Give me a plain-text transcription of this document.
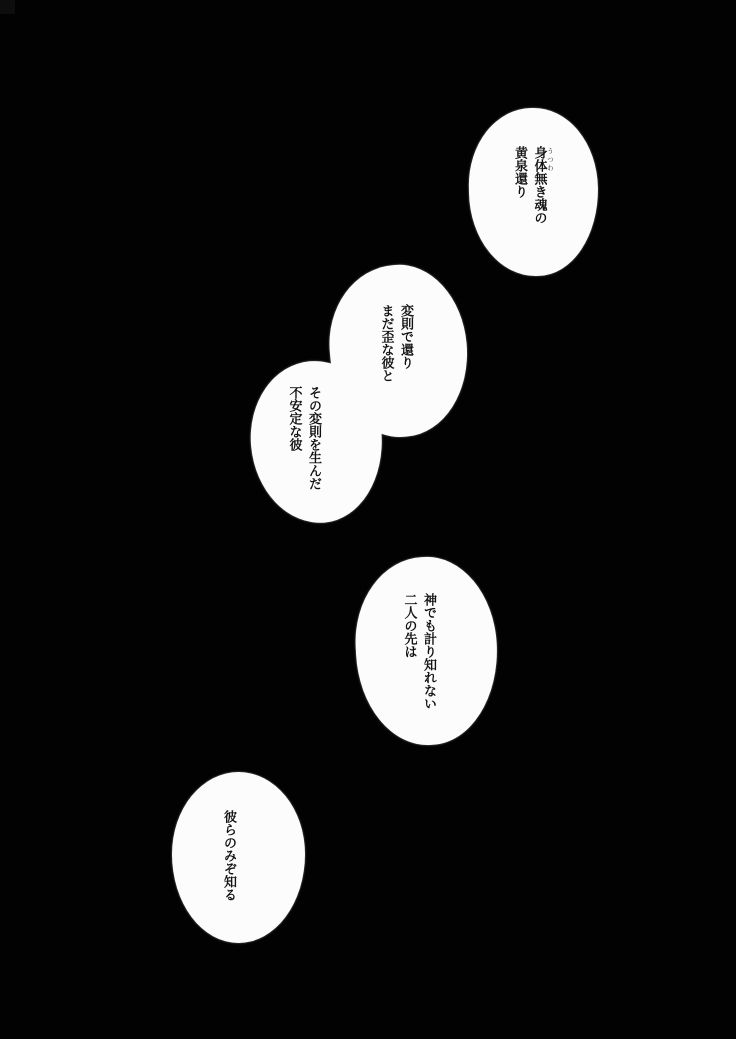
身体 うつわ無き魂の
黄泉還り
変則で還り
まだ歪な彼と
その変則を生んだ
不安定な彼
神でも計り知れない
二人の先は
彼らのみぞ知る
